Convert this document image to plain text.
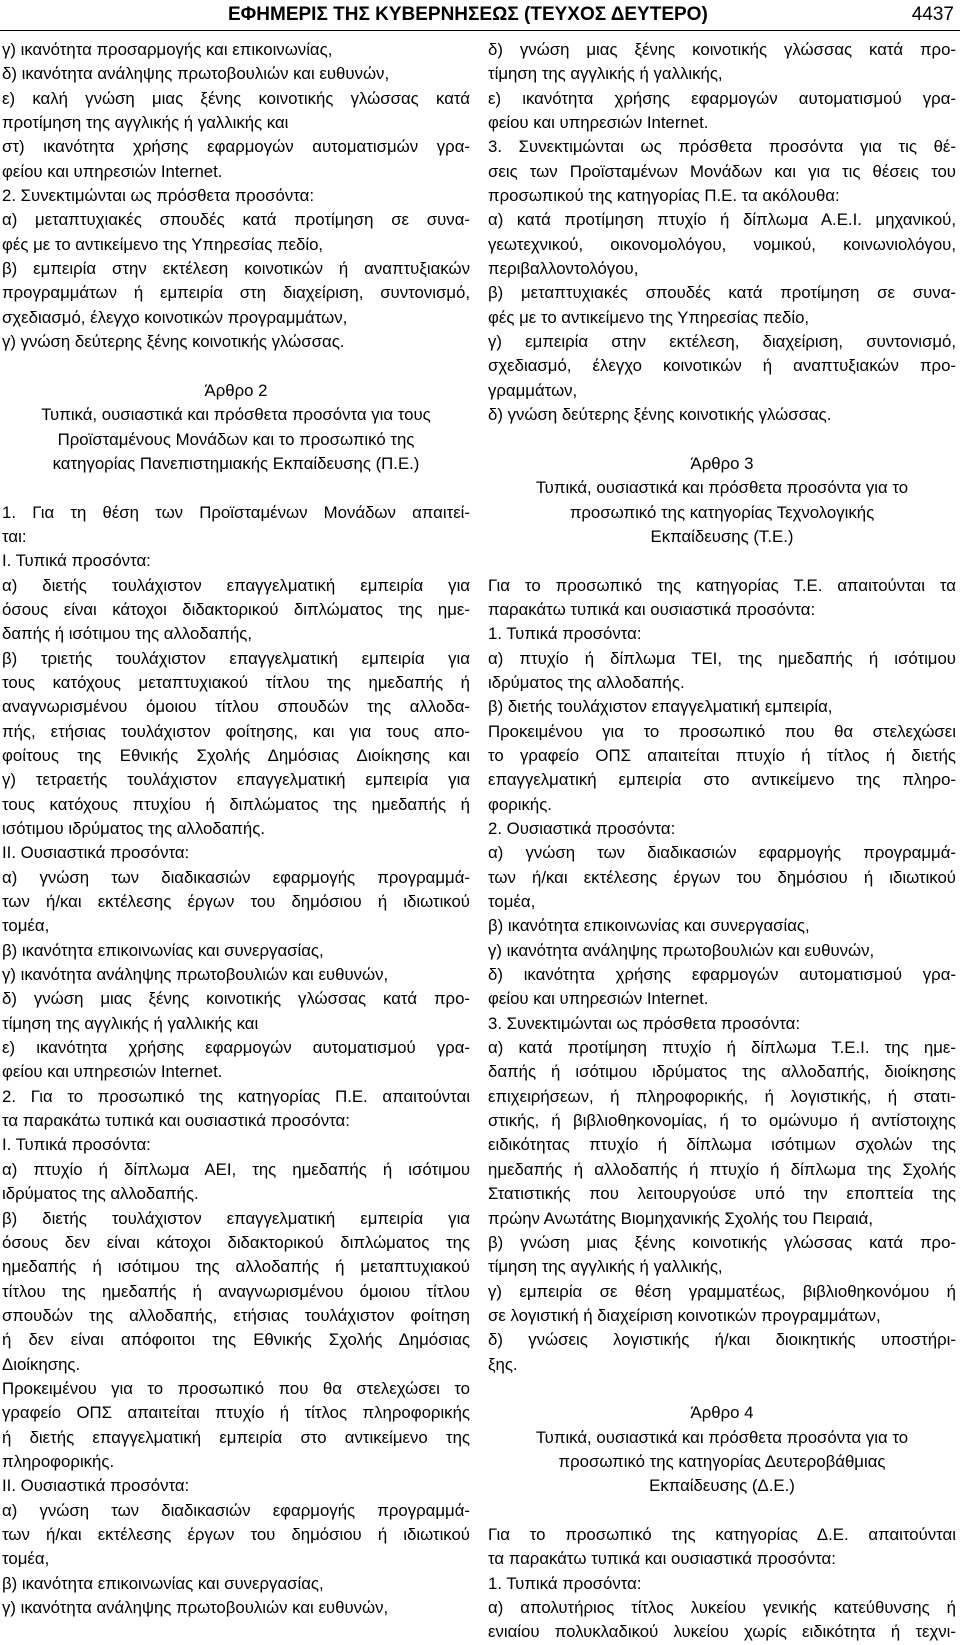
ΕΦΗΜΕΡΙΣ ΤΗΣ ΚΥΒΕΡΝΗΣΕΩΣ (ΤΕΥΧΟΣ ΔΕΥΤΕΡΟ)	4437
γ) ικανότητα προσαρμογής και επικοινωνίας,
δ) ικανότητα ανάληψης πρωτοβουλιών και ευθυνών,
ε) καλή γνώση μιας ξένης κοινοτικής γλώσσας κατά
προτίμηση της αγγλικής ή γαλλικής και
στ) ικανότητα χρήσης εφαρμογών αυτοματισμών γρα-
φείου και υπηρεσιών Internet.
2. Συνεκτιμώνται ως πρόσθετα προσόντα:
α) μεταπτυχιακές σπουδές κατά προτίμηση σε συνα-
φές με το αντικείμενο της Υπηρεσίας πεδίο,
β) εμπειρία στην εκτέλεση κοινοτικών ή αναπτυξιακών
προγραμμάτων ή εμπειρία στη διαχείριση, συντονισμό,
σχεδιασμό, έλεγχο κοινοτικών προγραμμάτων,
γ) γνώση δεύτερης ξένης κοινοτικής γλώσσας.
Άρθρο 2
Τυπικά, ουσιαστικά και πρόσθετα προσόντα για τους
Προϊσταμένους Μονάδων και το προσωπικό της
κατηγορίας Πανεπιστημιακής Εκπαίδευσης (Π.Ε.)
1. Για τη θέση των Προϊσταμένων Μονάδων απαιτεί-
ται:
Ι. Τυπικά προσόντα:
α) διετής τουλάχιστον επαγγελματική εμπειρία για
όσους είναι κάτοχοι διδακτορικού διπλώματος της ημε-
δαπής ή ισότιμου της αλλοδαπής,
β) τριετής τουλάχιστον επαγγελματική εμπειρία για
τους κατόχους μεταπτυχιακού τίτλου της ημεδαπής ή
αναγνωρισμένου όμοιου τίτλου σπουδών της αλλοδα-
πής, ετήσιας τουλάχιστον φοίτησης, και για τους απο-
φοίτους της Εθνικής Σχολής Δημόσιας Διοίκησης και
γ) τετραετής τουλάχιστον επαγγελματική εμπειρία για
τους κατόχους πτυχίου ή διπλώματος της ημεδαπής ή
ισότιμου ιδρύματος της αλλοδαπής.
ΙΙ. Ουσιαστικά προσόντα:
α) γνώση των διαδικασιών εφαρμογής προγραμμά-
των ή/και εκτέλεσης έργων του δημόσιου ή ιδιωτικού
τομέα,
β) ικανότητα επικοινωνίας και συνεργασίας,
γ) ικανότητα ανάληψης πρωτοβουλιών και ευθυνών,
δ) γνώση μιας ξένης κοινοτικής γλώσσας κατά προ-
τίμηση της αγγλικής ή γαλλικής και
ε) ικανότητα χρήσης εφαρμογών αυτοματισμού γρα-
φείου και υπηρεσιών Internet.
2. Για το προσωπικό της κατηγορίας Π.Ε. απαιτούνται
τα παρακάτω τυπικά και ουσιαστικά προσόντα:
Ι. Τυπικά προσόντα:
α) πτυχίο ή δίπλωμα ΑΕΙ, της ημεδαπής ή ισότιμου
ιδρύματος της αλλοδαπής.
β) διετής τουλάχιστον επαγγελματική εμπειρία για
όσους δεν είναι κάτοχοι διδακτορικού διπλώματος της
ημεδαπής ή ισότιμου της αλλοδαπής ή μεταπτυχιακού
τίτλου της ημεδαπής ή αναγνωρισμένου όμοιου τίτλου
σπουδών της αλλοδαπής, ετήσιας τουλάχιστον φοίτηση
ή δεν είναι απόφοιτοι της Εθνικής Σχολής Δημόσιας
Διοίκησης.
Προκειμένου για το προσωπικό που θα στελεχώσει το
γραφείο ΟΠΣ απαιτείται πτυχίο ή τίτλος πληροφορικής
ή διετής επαγγελματική εμπειρία στο αντικείμενο της
πληροφορικής.
ΙΙ. Ουσιαστικά προσόντα:
α) γνώση των διαδικασιών εφαρμογής προγραμμά-
των ή/και εκτέλεσης έργων του δημόσιου ή ιδιωτικού
τομέα,
β) ικανότητα επικοινωνίας και συνεργασίας,
γ) ικανότητα ανάληψης πρωτοβουλιών και ευθυνών,
δ) γνώση μιας ξένης κοινοτικής γλώσσας κατά προ-
τίμηση της αγγλικής ή γαλλικής,
ε) ικανότητα χρήσης εφαρμογών αυτοματισμού γρα-
φείου και υπηρεσιών Internet.
3. Συνεκτιμώνται ως πρόσθετα προσόντα για τις θέ-
σεις των Προϊσταμένων Μονάδων και για τις θέσεις του
προσωπικού της κατηγορίας Π.Ε. τα ακόλουθα:
α) κατά προτίμηση πτυχίο ή δίπλωμα Α.Ε.Ι. μηχανικού,
γεωτεχνικού, οικονομολόγου, νομικού, κοινωνιολόγου,
περιβαλλοντολόγου,
β) μεταπτυχιακές σπουδές κατά προτίμηση σε συνα-
φές με το αντικείμενο της Υπηρεσίας πεδίο,
γ) εμπειρία στην εκτέλεση, διαχείριση, συντονισμό,
σχεδιασμό, έλεγχο κοινοτικών ή αναπτυξιακών προ-
γραμμάτων,
δ) γνώση δεύτερης ξένης κοινοτικής γλώσσας.
Άρθρο 3
Τυπικά, ουσιαστικά και πρόσθετα προσόντα για το
προσωπικό της κατηγορίας Τεχνολογικής
Εκπαίδευσης (Τ.Ε.)
Για το προσωπικό της κατηγορίας Τ.Ε. απαιτούνται τα
παρακάτω τυπικά και ουσιαστικά προσόντα:
1. Τυπικά προσόντα:
α) πτυχίο ή δίπλωμα ΤΕΙ, της ημεδαπής ή ισότιμου
ιδρύματος της αλλοδαπής.
β) διετής τουλάχιστον επαγγελματική εμπειρία,
Προκειμένου για το προσωπικό που θα στελεχώσει
το γραφείο ΟΠΣ απαιτείται πτυχίο ή τίτλος ή διετής
επαγγελματική εμπειρία στο αντικείμενο της πληρο-
φορικής.
2. Ουσιαστικά προσόντα:
α) γνώση των διαδικασιών εφαρμογής προγραμμά-
των ή/και εκτέλεσης έργων του δημόσιου ή ιδιωτικού
τομέα,
β) ικανότητα επικοινωνίας και συνεργασίας,
γ) ικανότητα ανάληψης πρωτοβουλιών και ευθυνών,
δ) ικανότητα χρήσης εφαρμογών αυτοματισμού γρα-
φείου και υπηρεσιών Internet.
3. Συνεκτιμώνται ως πρόσθετα προσόντα:
α) κατά προτίμηση πτυχίο ή δίπλωμα Τ.Ε.Ι. της ημε-
δαπής ή ισότιμου ιδρύματος της αλλοδαπής, διοίκησης
επιχειρήσεων, ή πληροφορικής, ή λογιστικής, ή στατι-
στικής, ή βιβλιοθηκονομίας, ή το ομώνυμο ή αντίστοιχης
ειδικότητας πτυχίο ή δίπλωμα ισότιμων σχολών της
ημεδαπής ή αλλοδαπής ή πτυχίο ή δίπλωμα της Σχολής
Στατιστικής που λειτουργούσε υπό την εποπτεία της
πρώην Ανωτάτης Βιομηχανικής Σχολής του Πειραιά,
β) γνώση μιας ξένης κοινοτικής γλώσσας κατά προ-
τίμηση της αγγλικής ή γαλλικής,
γ) εμπειρία σε θέση γραμματέως, βιβλιοθηκονόμου ή
σε λογιστική ή διαχείριση κοινοτικών προγραμμάτων,
δ) γνώσεις λογιστικής ή/και διοικητικής υποστήρι-
ξης.
Άρθρο 4
Τυπικά, ουσιαστικά και πρόσθετα προσόντα για το
προσωπικό της κατηγορίας Δευτεροβάθμιας
Εκπαίδευσης (Δ.Ε.)
Για το προσωπικό της κατηγορίας Δ.Ε. απαιτούνται
τα παρακάτω τυπικά και ουσιαστικά προσόντα:
1. Τυπικά προσόντα:
α) απολυτήριος τίτλος λυκείου γενικής κατεύθυνσης ή
ενιαίου πολυκλαδικού λυκείου χωρίς ειδικότητα ή τεχνι-
